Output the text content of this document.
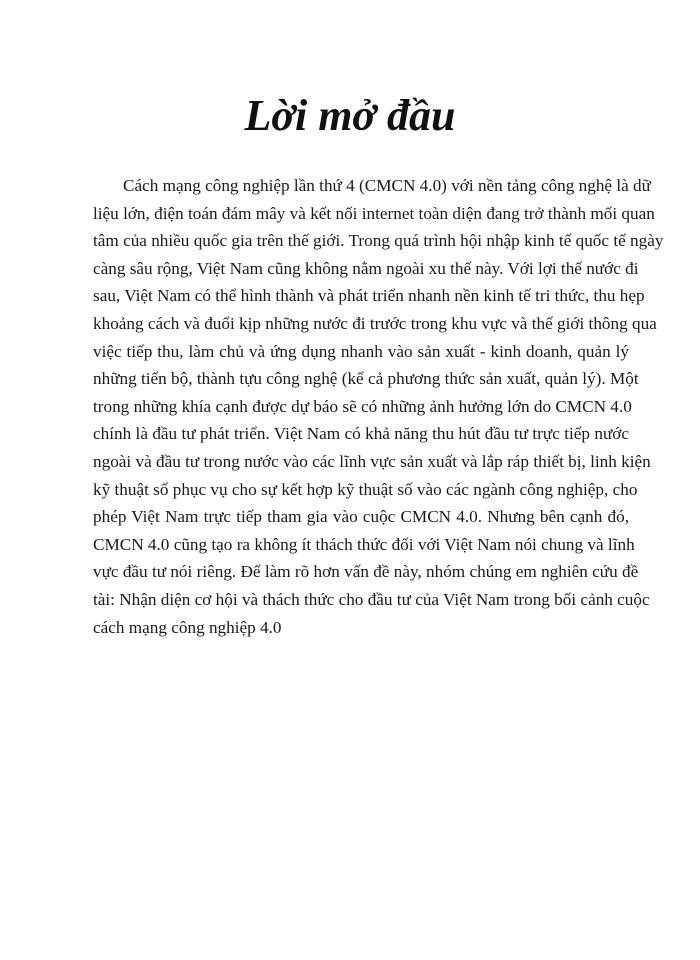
Lời mở đầu
Cách mạng công nghiệp lần thứ 4 (CMCN 4.0) với nền tảng công nghệ là dữ
liệu lớn, điện toán đám mây và kết nối internet toàn diện đang trở thành mối quan
tâm của nhiều quốc gia trên thế giới. Trong quá trình hội nhập kinh tế quốc tế ngày
càng sâu rộng, Việt Nam cũng không nằm ngoài xu thế này. Với lợi thế nước đi
sau, Việt Nam có thể hình thành và phát triển nhanh nền kinh tế tri thức, thu hẹp
khoảng cách và đuổi kịp những nước đi trước trong khu vực và thế giới thông qua
việc tiếp thu, làm chủ và ứng dụng nhanh vào sản xuất - kinh doanh, quản lý
những tiến bộ, thành tựu công nghệ (kể cả phương thức sản xuất, quản lý). Một
trong những khía cạnh được dự báo sẽ có những ảnh hưởng lớn do CMCN 4.0
chính là đầu tư phát triển. Việt Nam có khả năng thu hút đầu tư trực tiếp nước
ngoài và đầu tư trong nước vào các lĩnh vực sản xuất và lắp ráp thiết bị, linh kiện
kỹ thuật số phục vụ cho sự kết hợp kỹ thuật số vào các ngành công nghiệp, cho
phép Việt Nam trực tiếp tham gia vào cuộc CMCN 4.0. Nhưng bên cạnh đó,
CMCN 4.0 cũng tạo ra không ít thách thức đối với Việt Nam nói chung và lĩnh
vực đầu tư nói riêng. Để làm rõ hơn vấn đề này, nhóm chúng em nghiên cứu đề
tài: Nhận diện cơ hội và thách thức cho đầu tư của Việt Nam trong bối cảnh cuộc
cách mạng công nghiệp 4.0
